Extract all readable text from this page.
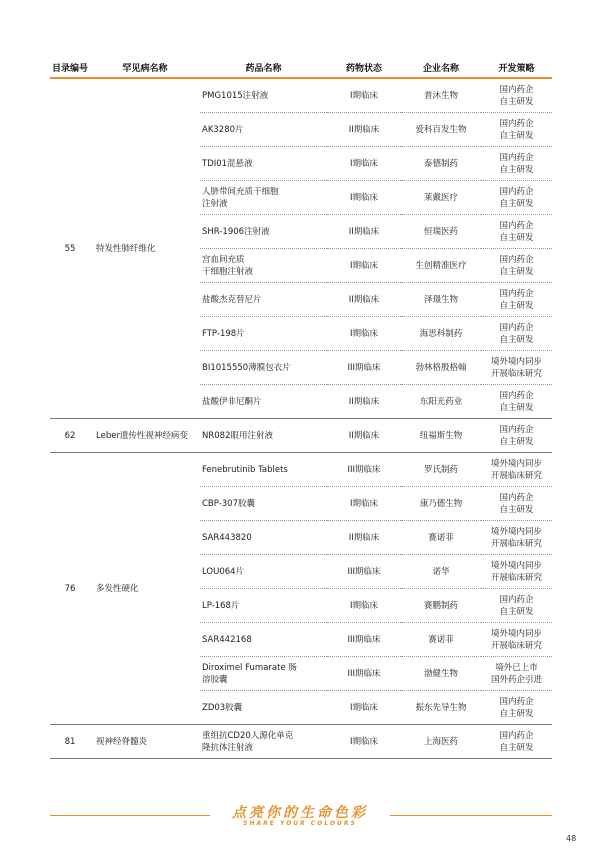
目录编号	罕见病名称	药品名称	药物状态	企业名称	开发策略
55	特发性肺纤维化	PMG1015注射液	I期临床	普沐生物	国内药企
自主研发
		AK3280片	II期临床	爱科百发生物	国内药企
自主研发
		TDI01混悬液	I期临床	泰德制药	国内药企
自主研发
		人脐带间充质干细胞
注射液	I期临床	莱戴医疗	国内药企
自主研发
		SHR-1906注射液	II期临床	恒瑞医药	国内药企
自主研发
		宫血间充质
干细胞注射液	I期临床	生创精准医疗	国内药企
自主研发
		盐酸杰克替尼片	II期临床	泽璟生物	国内药企
自主研发
		FTP-198片	I期临床	海思科制药	国内药企
自主研发
		BI1015550薄膜包衣片	III期临床	勃林格殷格翰	境外境内同步
开展临床研究
		盐酸伊非尼酮片	II期临床	东阳光药业	国内药企
自主研发
62	Leber遗传性视神经病变	NR082眼用注射液	II期临床	纽福斯生物	国内药企
自主研发
76	多发性硬化	Fenebrutinib Tablets	III期临床	罗氏制药	境外境内同步
开展临床研究
		CBP-307胶囊	I期临床	康乃德生物	国内药企
自主研发
		SAR443820	II期临床	赛诺菲	境外境内同步
开展临床研究
		LOU064片	III期临床	诺华	境外境内同步
开展临床研究
		LP-168片	I期临床	赛鹏制药	国内药企
自主研发
		SAR442168	III期临床	赛诺菲	境外境内同步
开展临床研究
		Diroximel Fumarate 肠
溶胶囊	III期临床	渤健生物	境外已上市
国外药企引进
		ZD03胶囊	I期临床	振东先导生物	国内药企
自主研发
81	视神经脊髓炎	重组抗CD20人源化单克
隆抗体注射液	I期临床	上海医药	国内药企
自主研发
点亮你的生命色彩
SHARE YOUR COLOURS
48
